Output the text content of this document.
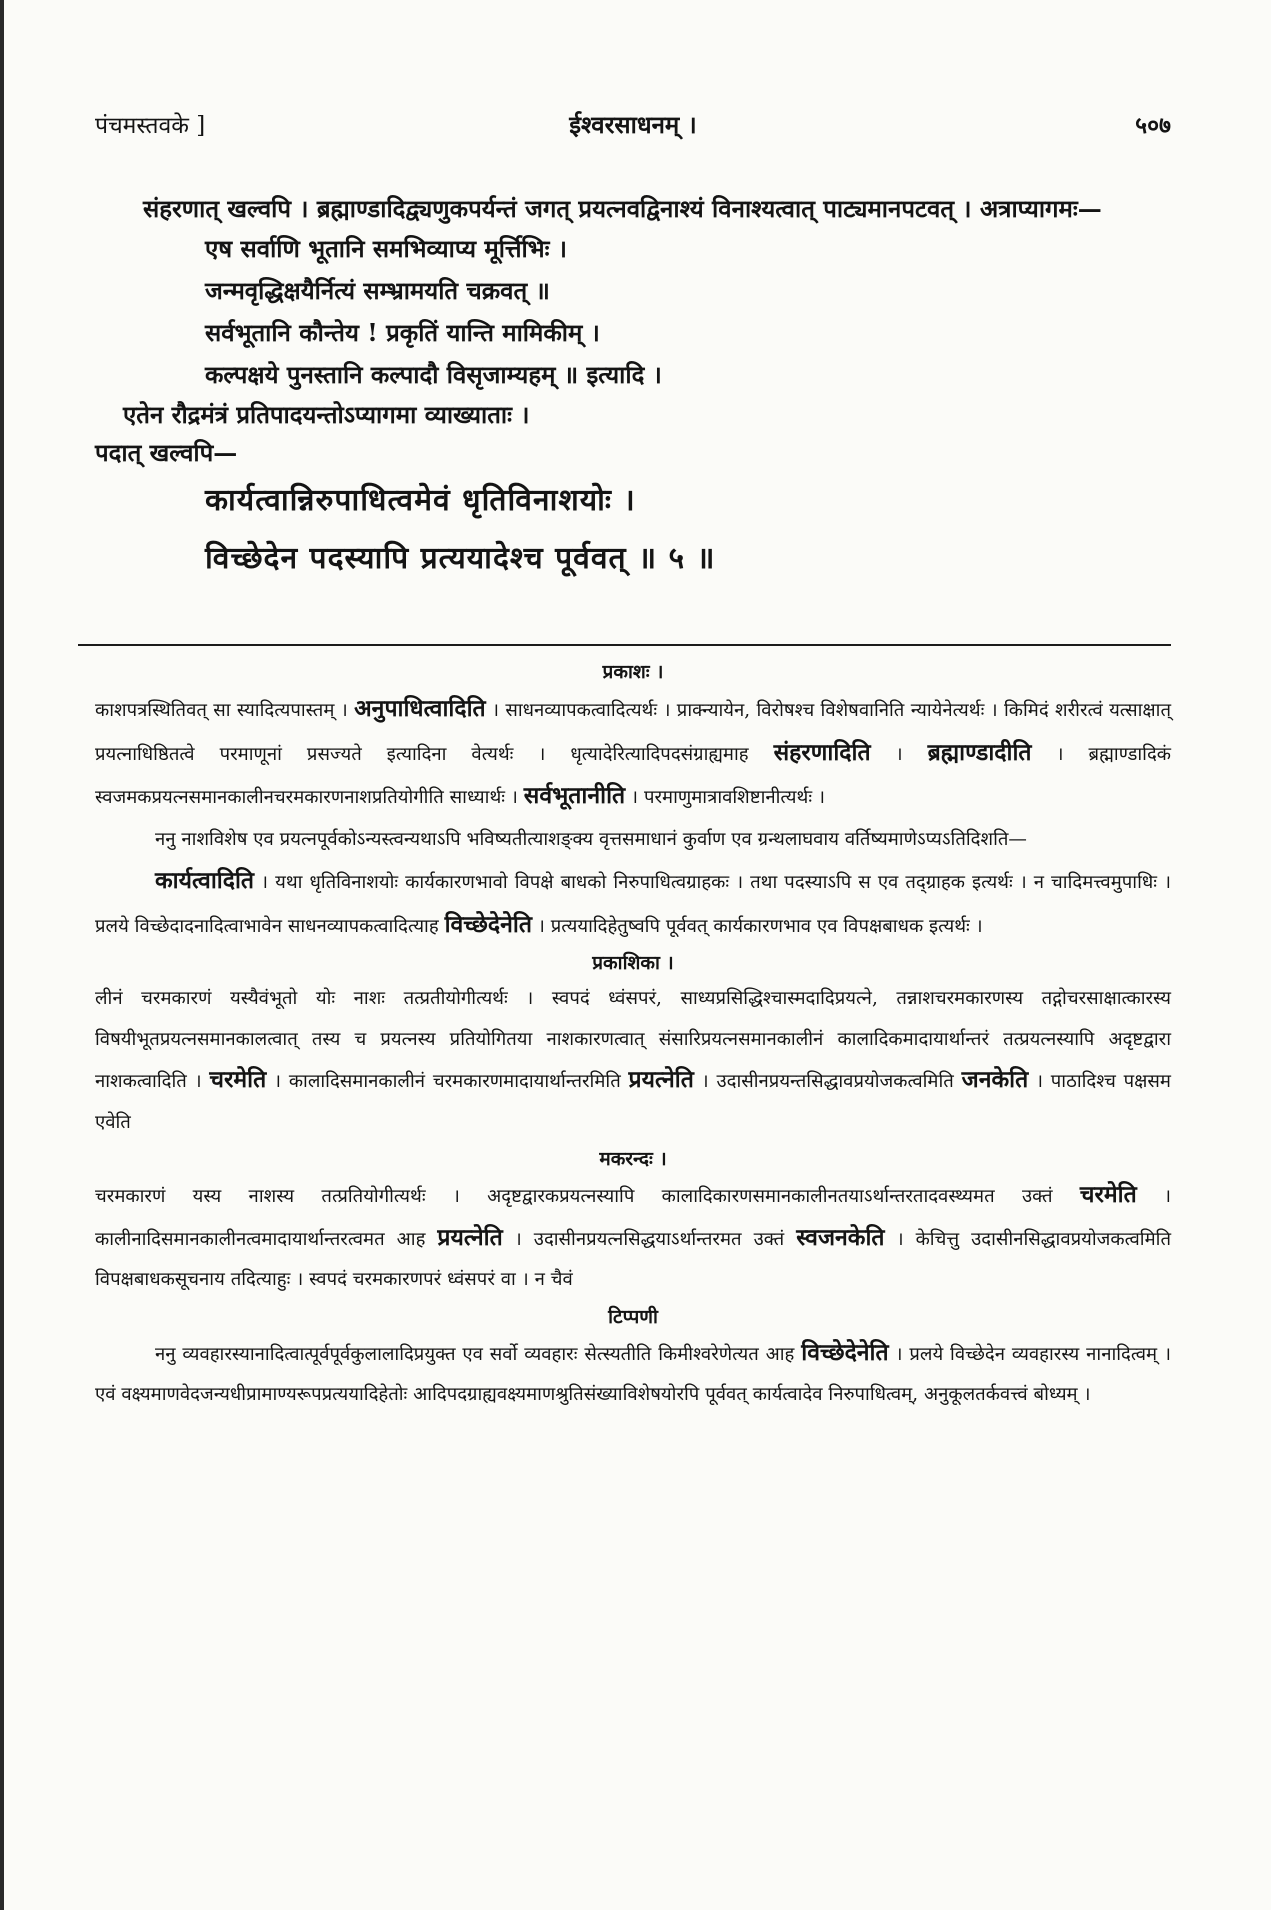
पंचमस्तवके ]	ईश्वरसाधनम् ।	५०७

संहरणात् खल्वपि । ब्रह्माण्डादिद्व्यणुकपर्यन्तं जगत् प्रयत्नवद्विनाश्यं विनाश्यत्वात् पाट्यमानपटवत् । अत्राप्यागमः—

एष सर्वाणि भूतानि समभिव्याप्य मूर्त्तिभिः ।

जन्मवृद्धिक्षयैर्नित्यं सम्भ्रामयति चक्रवत् ॥

सर्वभूतानि कौन्तेय ! प्रकृतिं यान्ति मामिकीम् ।

कल्पक्षये पुनस्तानि कल्पादौ विसृजाम्यहम् ॥ इत्यादि ।

एतेन रौद्रमंत्रं प्रतिपादयन्तोऽप्यागमा व्याख्याताः ।

पदात् खल्वपि—

कार्यत्वान्निरुपाधित्वमेवं धृतिविनाशयोः ।

विच्छेदेन पदस्यापि प्रत्ययादेश्च पूर्ववत् ॥ ५ ॥

प्रकाशः ।

काशपत्रस्थितिवत् सा स्यादित्यपास्तम् । अनुपाधित्वादिति । साधनव्यापकत्वादित्यर्थः । प्राक्न्यायेन, विरोषश्च विशेषवानिति न्यायेनेत्यर्थः । किमिदं शरीरत्वं यत्साक्षात् प्रयत्नाधिष्ठितत्वे परमाणूनां प्रसज्यते इत्यादिना वेत्यर्थः । धृत्यादेरित्यादिपदसंग्राह्यमाह संहरणादिति । ब्रह्माण्डादीति । ब्रह्माण्डादिकं स्वजमकप्रयत्नसमानकालीनचरमकारणनाशप्रतियोगीति साध्यार्थः । सर्वभूतानीति । परमाणुमात्रावशिष्टानीत्यर्थः ।

ननु नाशविशेष एव प्रयत्नपूर्वकोऽन्यस्त्वन्यथाऽपि भविष्यतीत्याशङ्क्य वृत्तसमाधानं कुर्वाण एव ग्रन्थलाघवाय वर्तिष्यमाणेऽप्यऽतिदिशति—

कार्यत्वादिति । यथा धृतिविनाशयोः कार्यकारणभावो विपक्षे बाधको निरुपाधित्वग्राहकः । तथा पदस्याऽपि स एव तद्ग्राहक इत्यर्थः । न चादिमत्त्वमुपाधिः । प्रलये विच्छेदादनादित्वाभावेन साधनव्यापकत्वादित्याह विच्छेदेनेति । प्रत्ययादिहेतुष्वपि पूर्ववत् कार्यकारणभाव एव विपक्षबाधक इत्यर्थः ।

प्रकाशिका ।

लीनं चरमकारणं यस्यैवंभूतो योः नाशः तत्प्रतीयोगीत्यर्थः । स्वपदं ध्वंसपरं, साध्यप्रसिद्धिश्चास्मदादिप्रयत्ने, तन्नाशचरमकारणस्य तद्गोचरसाक्षात्कारस्य विषयीभूतप्रयत्नसमानकालत्वात् तस्य च प्रयत्नस्य प्रतियोगितया नाशकारणत्वात् संसारिप्रयत्नसमानकालीनं कालादिकमादायार्थान्तरं तत्प्रयत्नस्यापि अदृष्टद्वारा नाशकत्वादिति । चरमेति । कालादिसमानकालीनं चरमकारणमादायार्थान्तरमिति प्रयत्नेति । उदासीनप्रयन्तसिद्धावप्रयोजकत्वमिति जनकेति । पाठादिश्च पक्षसम एवेति

मकरन्दः ।

चरमकारणं यस्य नाशस्य तत्प्रतियोगीत्यर्थः । अदृष्टद्वारकप्रयत्नस्यापि कालादिकारणसमानकालीनतयाऽर्थान्तरतादवस्थ्यमत उक्तं चरमेति । कालीनादिसमानकालीनत्वमादायार्थान्तरत्वमत आह प्रयत्नेति । उदासीनप्रयत्नसिद्धयाऽर्थान्तरमत उक्तं स्वजनकेति । केचित्तु उदासीनसिद्धावप्रयोजकत्वमिति विपक्षबाधकसूचनाय तदित्याहुः । स्वपदं चरमकारणपरं ध्वंसपरं वा । न चैवं

टिप्पणी

ननु व्यवहारस्यानादित्वात्पूर्वपूर्वकुलालादिप्रयुक्त एव सर्वो व्यवहारः सेत्स्यतीति किमीश्वरेणेत्यत आह विच्छेदेनेति । प्रलये विच्छेदेन व्यवहारस्य नानादित्वम् । एवं वक्ष्यमाणवेदजन्यधीप्रामाण्यरूपप्रत्ययादिहेतोः आदिपदग्राह्यवक्ष्यमाणश्रुतिसंख्याविशेषयोरपि पूर्ववत् कार्यत्वादेव निरुपाधित्वम्, अनुकूलतर्कवत्त्वं बोध्यम् ।
